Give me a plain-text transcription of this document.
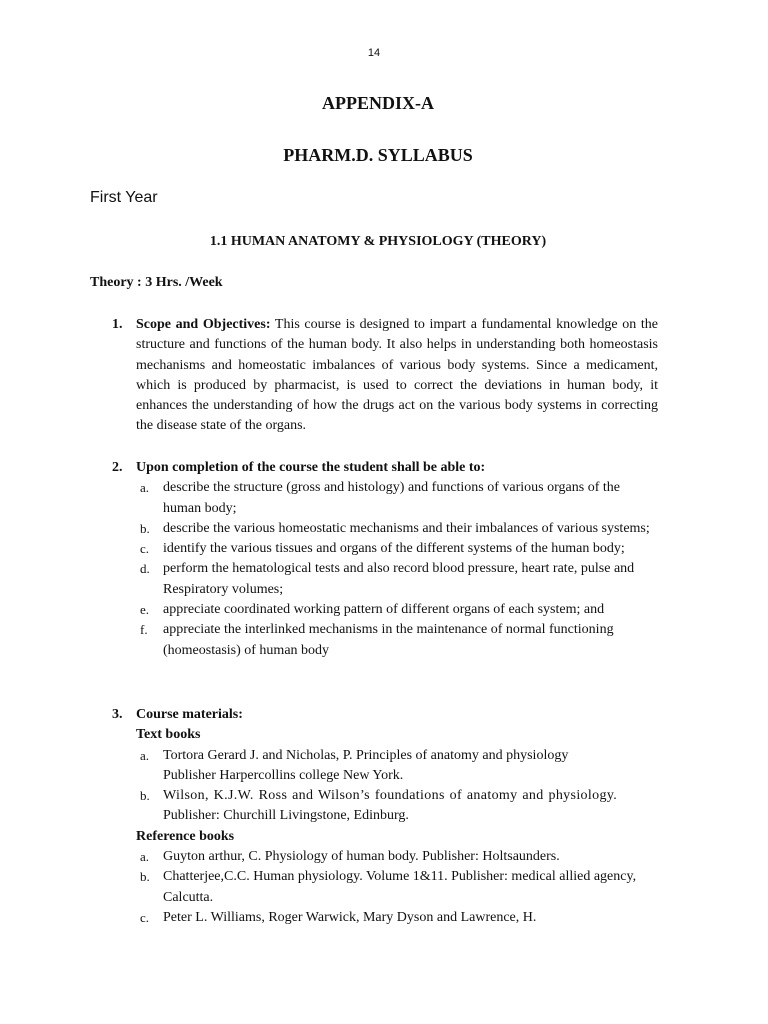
14
APPENDIX-A
PHARM.D. SYLLABUS
First Year
1.1 HUMAN ANATOMY & PHYSIOLOGY (THEORY)
Theory : 3 Hrs. /Week
1. Scope and Objectives: This course is designed to impart a fundamental knowledge on the structure and functions of the human body. It also helps in understanding both homeostasis mechanisms and homeostatic imbalances of various body systems. Since a medicament, which is produced by pharmacist, is used to correct the deviations in human body, it enhances the understanding of how the drugs act on the various body systems in correcting the disease state of the organs.
2. Upon completion of the course the student shall be able to:
a. describe the structure (gross and histology) and functions of various organs of the human body;
b. describe the various homeostatic mechanisms and their imbalances of various systems;
c. identify the various tissues and organs of the different systems of the human body;
d. perform the hematological tests and also record blood pressure, heart rate, pulse and Respiratory volumes;
e. appreciate coordinated working pattern of different organs of each system; and
f. appreciate the interlinked mechanisms in the maintenance of normal functioning (homeostasis) of human body
3. Course materials:
Text books
a. Tortora Gerard J. and Nicholas, P. Principles of anatomy and physiology
Publisher Harpercollins college New York.
b. Wilson, K.J.W. Ross and Wilson’s foundations of anatomy and physiology.
Publisher: Churchill Livingstone, Edinburg.
Reference books
a. Guyton arthur, C. Physiology of human body. Publisher: Holtsaunders.
b. Chatterjee,C.C. Human physiology. Volume 1&11. Publisher: medical allied agency, Calcutta.
c. Peter L. Williams, Roger Warwick, Mary Dyson and Lawrence, H.
